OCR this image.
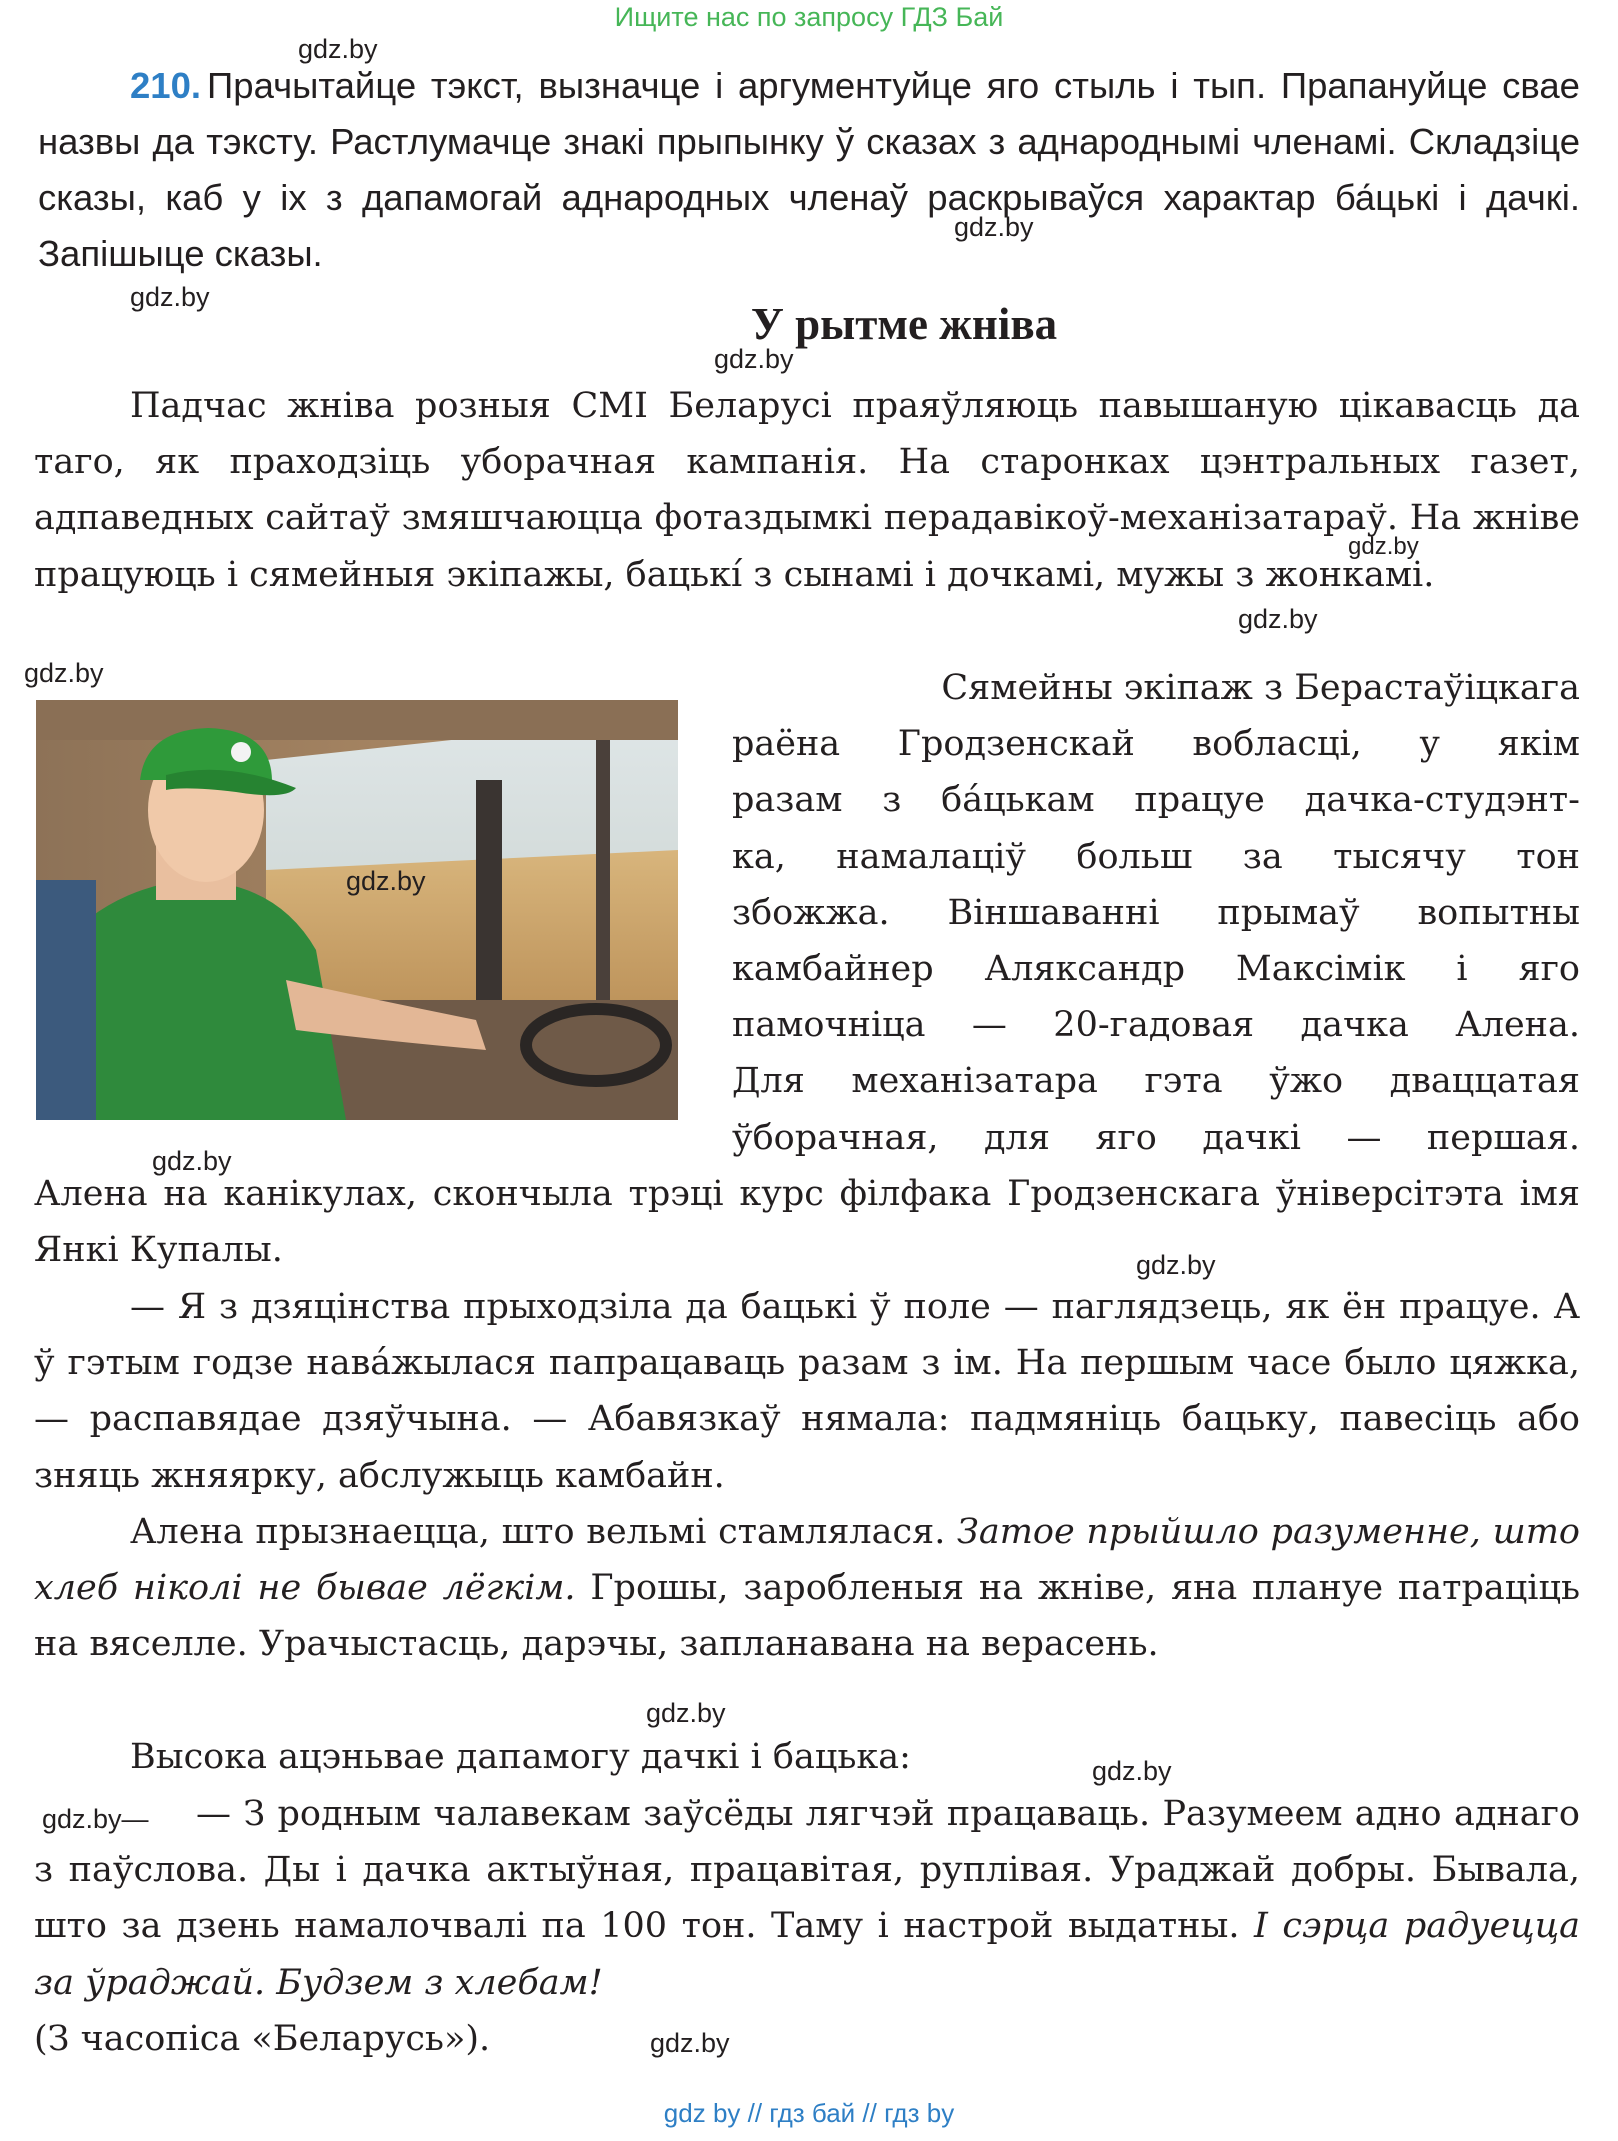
Ищите нас по запросу ГДЗ Бай
210. Прачытайце тэкст, вызначце і аргументуйце яго стыль і тып. Прапануйце свае назвы да тэксту. Растлумачце знакі прыпынку ў сказах з аднароднымі членамі. Складзіце сказы, каб у іх з дапамогай аднародных членаў раскрываўся характар ба́цькі і дачкі. Запішыце сказы.
У рытме жніва
Падчас жніва розныя СМІ Беларусі праяўляюць павышаную цікавасць да таго, як праходзіць уборачная кампанія. На старонках цэнтральных газет, адпаведных сайтаў змяшчаюцца фотаздымкі перадавікоў-механізатараў. На жніве працуюць і сямейныя экіпажы, бацькі́ з сынамі і дочкамі, мужы з жонкамі.
gdz.by
gdz.by
gdz.by
gdz.by
gdz.by
gdz.by
gdz.by
gdz.by
gdz.by
gdz.by
gdz.by
gdz.by
gdz.by—
gdz.by
Сямейны экіпаж з Берастаўіцкага
раёна Гродзенскай вобласці, у якім
разам з ба́цькам працуе дачка-студэнт-
ка, намалаціў больш за тысячу тон
збожжа. Віншаванні прымаў вопытны
камбайнер Аляксандр Максімік і яго
памочніца — 20-гадовая дачка Алена.
Для механізатара гэта ўжо дваццатая
ўборачная, для яго дачкі — першая.
Алена на канікулах, скончыла трэці курс філфака Гродзенскага ўніверсітэта імя Янкі Купалы.
— Я з дзяцінства прыходзіла да бацькі ў поле — паглядзець, як ён працуе. А ў гэтым годзе нава́жылася папрацаваць разам з ім. На першым часе было цяжка, — распавядае дзяўчына. — Абавязкаў нямала: падмяніць бацьку, павесіць або зняць жняярку, абслужыць камбайн.
Алена прызнаецца, што вельмі стамлялася. Затое прыйшло разуменне, што хлеб ніколі не бывае лёгкім. Грошы, заробленыя на жніве, яна плануе патраціць на вяселле. Урачыстасць, дарэчы, запланавана на верасень.
Высока ацэньвае дапамогу дачкі і бацька:
— З родным чалавекам заўсёды лягчэй працаваць. Разумеем адно аднаго з паўслова. Ды і дачка актыўная, працавітая, руплівая. Ураджай добры. Бывала, што за дзень намалочвалі па 100 тон. Таму і настрой выдатны. І сэрца радуецца за ўраджай. Будзем з хлебам!
(З часопіса «Беларусь»).
gdz by // гдз бай // гдз by
